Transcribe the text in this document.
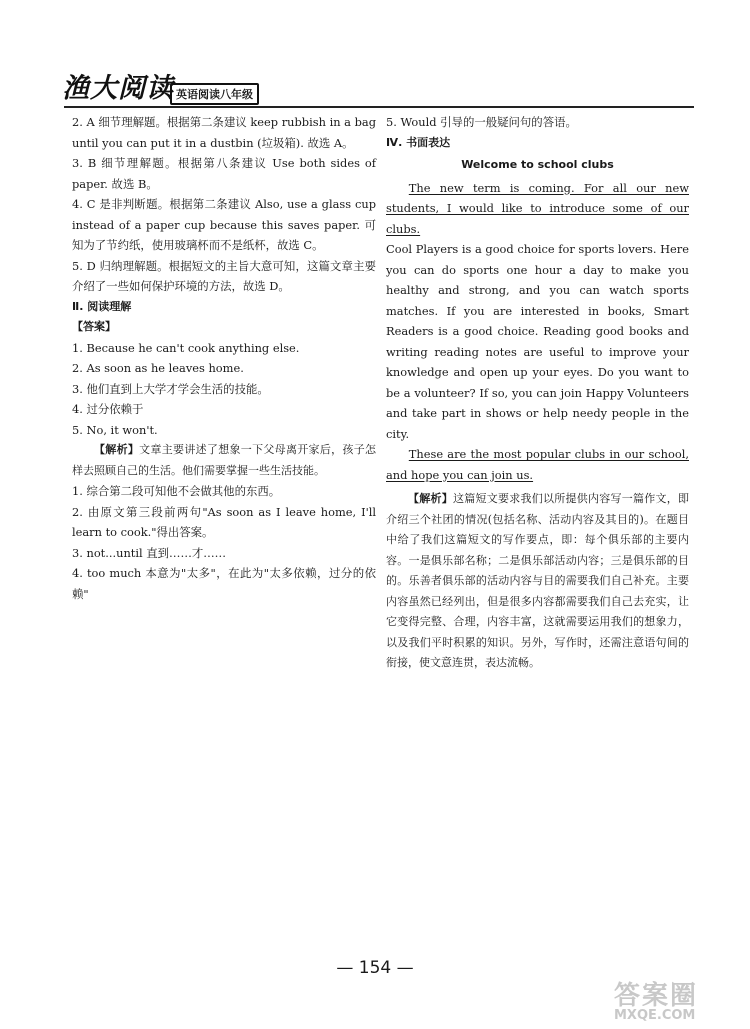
渔大阅读 英语阅读八年级

2. A 细节理解题。根据第二条建议 keep rubbish in a bag until you can put it in a dustbin (垃圾箱). 故选 A。

3. B 细节理解题。根据第八条建议 Use both sides of paper. 故选 B。

4. C 是非判断题。根据第二条建议 Also, use a glass cup instead of a paper cup because this saves paper. 可知为了节约纸，使用玻璃杯而不是纸杯，故选 C。

5. D 归纳理解题。根据短文的主旨大意可知，这篇文章主要介绍了一些如何保护环境的方法，故选 D。

Ⅱ. 阅读理解

【答案】

1. Because he can't cook anything else.

2. As soon as he leaves home.

3. 他们直到上大学才学会生活的技能。

4. 过分依赖于

5. No, it won't.

【解析】文章主要讲述了想象一下父母离开家后，孩子怎样去照顾自己的生活。他们需要掌握一些生活技能。

1. 综合第二段可知他不会做其他的东西。

2. 由原文第三段前两句"As soon as I leave home, I'll learn to cook."得出答案。

3. not...until 直到……才……

4. too much 本意为"太多"，在此为"太多依赖，过分的依赖"

5. Would 引导的一般疑问句的答语。

Ⅳ. 书面表达

Welcome to school clubs

The new term is coming. For all our new students, I would like to introduce some of our clubs.

Cool Players is a good choice for sports lovers. Here you can do sports one hour a day to make you healthy and strong, and you can watch sports matches. If you are interested in books, Smart Readers is a good choice. Reading good books and writing reading notes are useful to improve your knowledge and open up your eyes. Do you want to be a volunteer? If so, you can join Happy Volunteers and take part in shows or help needy people in the city.

These are the most popular clubs in our school, and hope you can join us.

【解析】这篇短文要求我们以所提供内容写一篇作文，即介绍三个社团的情况(包括名称、活动内容及其目的)。在题目中给了我们这篇短文的写作要点，即：每个俱乐部的主要内容。一是俱乐部名称；二是俱乐部活动内容；三是俱乐部的目的。乐善者俱乐部的活动内容与目的需要我们自己补充。主要内容虽然已经列出，但是很多内容都需要我们自己去充实，让它变得完整、合理，内容丰富，这就需要运用我们的想象力，以及我们平时积累的知识。另外，写作时，还需注意语句间的衔接，使文意连贯，表达流畅。

— 154 —
答案圈
MXQE.COM
